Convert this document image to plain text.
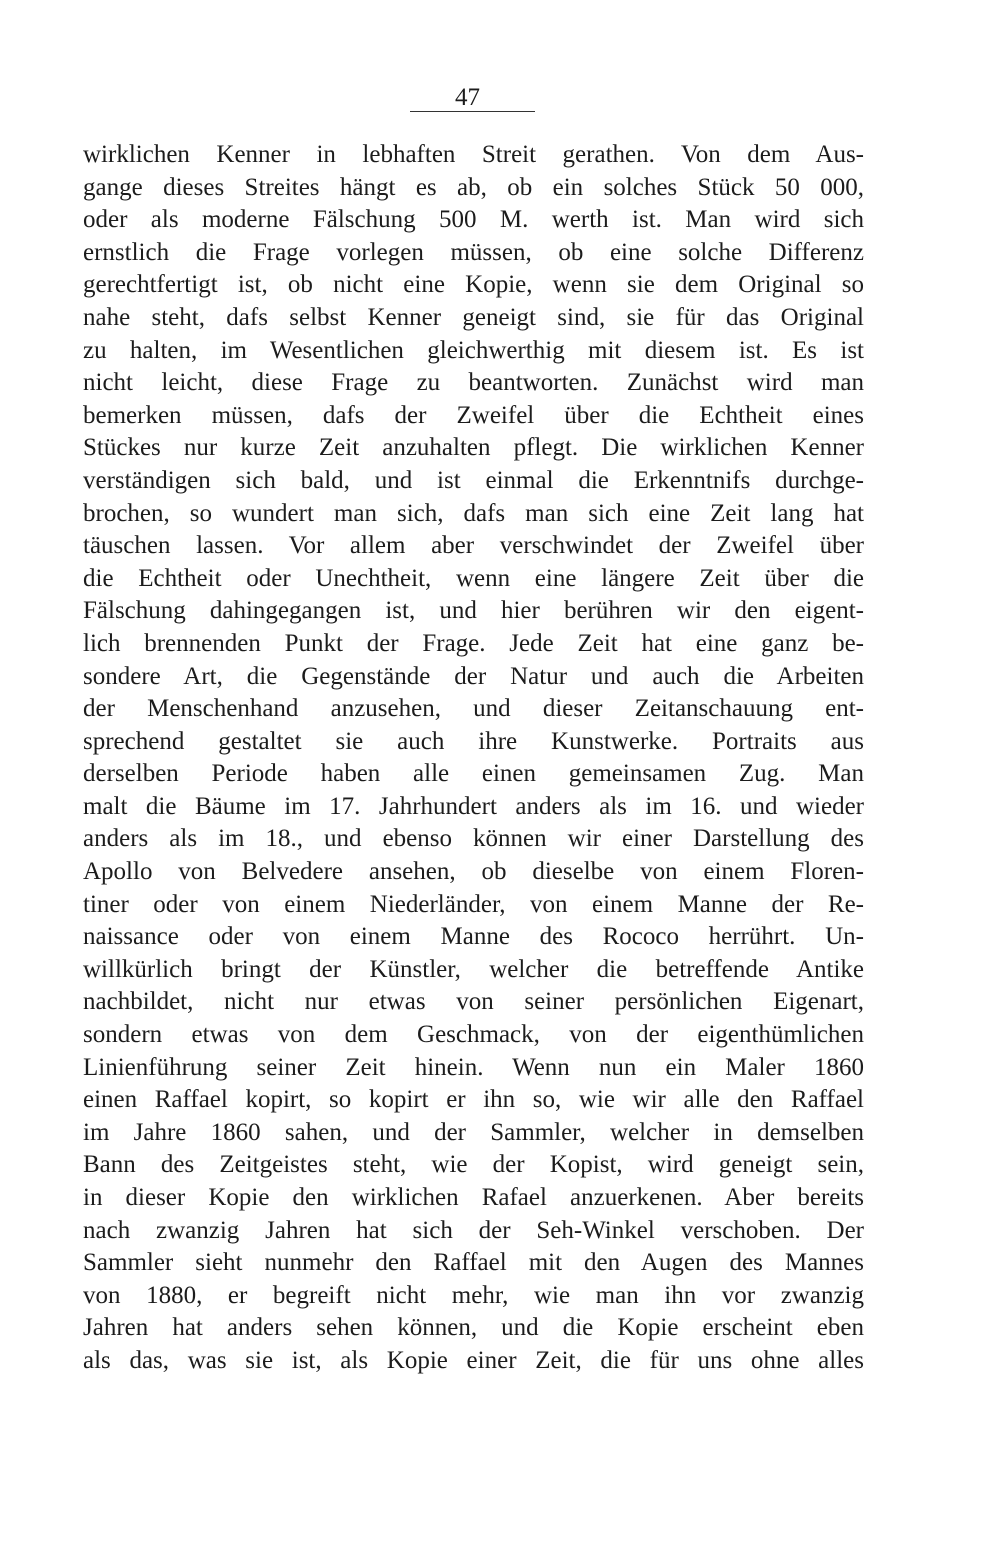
47
wirklichen Kenner in lebhaften Streit gerathen. Von dem Aus-
gange dieses Streites hängt es ab, ob ein solches Stück 50 000,
oder als moderne Fälschung 500 M. werth ist. Man wird sich
ernstlich die Frage vorlegen müssen, ob eine solche Differenz
gerechtfertigt ist, ob nicht eine Kopie, wenn sie dem Original so
nahe steht, dafs selbst Kenner geneigt sind, sie für das Original
zu halten, im Wesentlichen gleichwerthig mit diesem ist. Es ist
nicht leicht, diese Frage zu beantworten. Zunächst wird man
bemerken müssen, dafs der Zweifel über die Echtheit eines
Stückes nur kurze Zeit anzuhalten pflegt. Die wirklichen Kenner
verständigen sich bald, und ist einmal die Erkenntnifs durchge-
brochen, so wundert man sich, dafs man sich eine Zeit lang hat
täuschen lassen. Vor allem aber verschwindet der Zweifel über
die Echtheit oder Unechtheit, wenn eine längere Zeit über die
Fälschung dahingegangen ist, und hier berühren wir den eigent-
lich brennenden Punkt der Frage. Jede Zeit hat eine ganz be-
sondere Art, die Gegenstände der Natur und auch die Arbeiten
der Menschenhand anzusehen, und dieser Zeitanschauung ent-
sprechend gestaltet sie auch ihre Kunstwerke. Portraits aus
derselben Periode haben alle einen gemeinsamen Zug. Man
malt die Bäume im 17. Jahrhundert anders als im 16. und wieder
anders als im 18., und ebenso können wir einer Darstellung des
Apollo von Belvedere ansehen, ob dieselbe von einem Floren-
tiner oder von einem Niederländer, von einem Manne der Re-
naissance oder von einem Manne des Rococo herrührt. Un-
willkürlich bringt der Künstler, welcher die betreffende Antike
nachbildet, nicht nur etwas von seiner persönlichen Eigenart,
sondern etwas von dem Geschmack, von der eigenthümlichen
Linienführung seiner Zeit hinein. Wenn nun ein Maler 1860
einen Raffael kopirt, so kopirt er ihn so, wie wir alle den Raffael
im Jahre 1860 sahen, und der Sammler, welcher in demselben
Bann des Zeitgeistes steht, wie der Kopist, wird geneigt sein,
in dieser Kopie den wirklichen Rafael anzuerkenen. Aber bereits
nach zwanzig Jahren hat sich der Seh-Winkel verschoben. Der
Sammler sieht nunmehr den Raffael mit den Augen des Mannes
von 1880, er begreift nicht mehr, wie man ihn vor zwanzig
Jahren hat anders sehen können, und die Kopie erscheint eben
als das, was sie ist, als Kopie einer Zeit, die für uns ohne alles
